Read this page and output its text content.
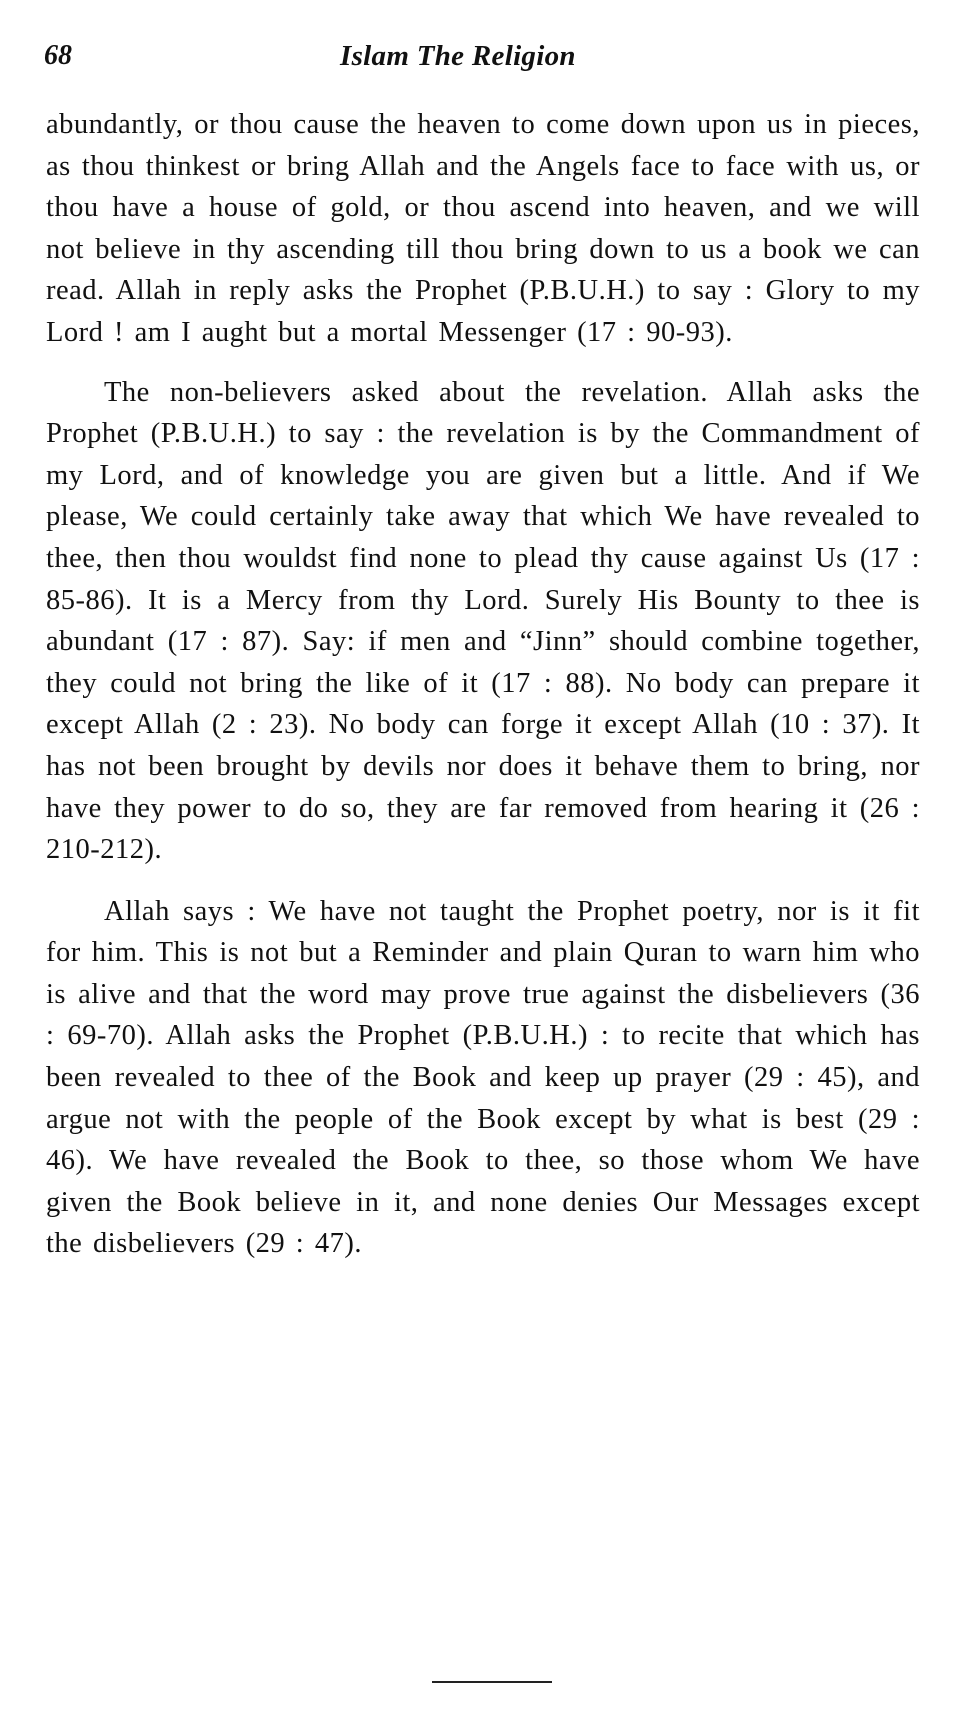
68	Islam The Religion

abundantly, or thou cause the heaven to come down upon us in pieces, as thou thinkest or bring Allah and the Angels face to face with us, or thou have a house of gold, or thou ascend into heaven, and we will not believe in thy ascending till thou bring down to us a book we can read. Allah in reply asks the Prophet (P.B.U.H.) to say : Glory to my Lord ! am I aught but a mortal Messenger (17 : 90-93).

The non-believers asked about the revelation. Allah asks the Prophet (P.B.U.H.) to say : the revelation is by the Commandment of my Lord, and of knowledge you are given but a little. And if We please, We could certainly take away that which We have revealed to thee, then thou wouldst find none to plead thy cause against Us (17 : 85-86). It is a Mercy from thy Lord. Surely His Bounty to thee is abundant (17 : 87). Say: if men and “Jinn” should combine together, they could not bring the like of it (17 : 88). No body can prepare it except Allah (2 : 23). No body can forge it except Allah (10 : 37). It has not been brought by devils nor does it behave them to bring, nor have they power to do so, they are far removed from hearing it (26 : 210-212).

Allah says : We have not taught the Prophet poetry, nor is it fit for him. This is not but a Reminder and plain Quran to warn him who is alive and that the word may prove true against the disbelievers (36 : 69-70). Allah asks the Prophet (P.B.U.H.) : to recite that which has been revealed to thee of the Book and keep up prayer (29 : 45), and argue not with the people of the Book except by what is best (29 : 46). We have revealed the Book to thee, so those whom We have given the Book believe in it, and none denies Our Messages except the disbelievers (29 : 47).
